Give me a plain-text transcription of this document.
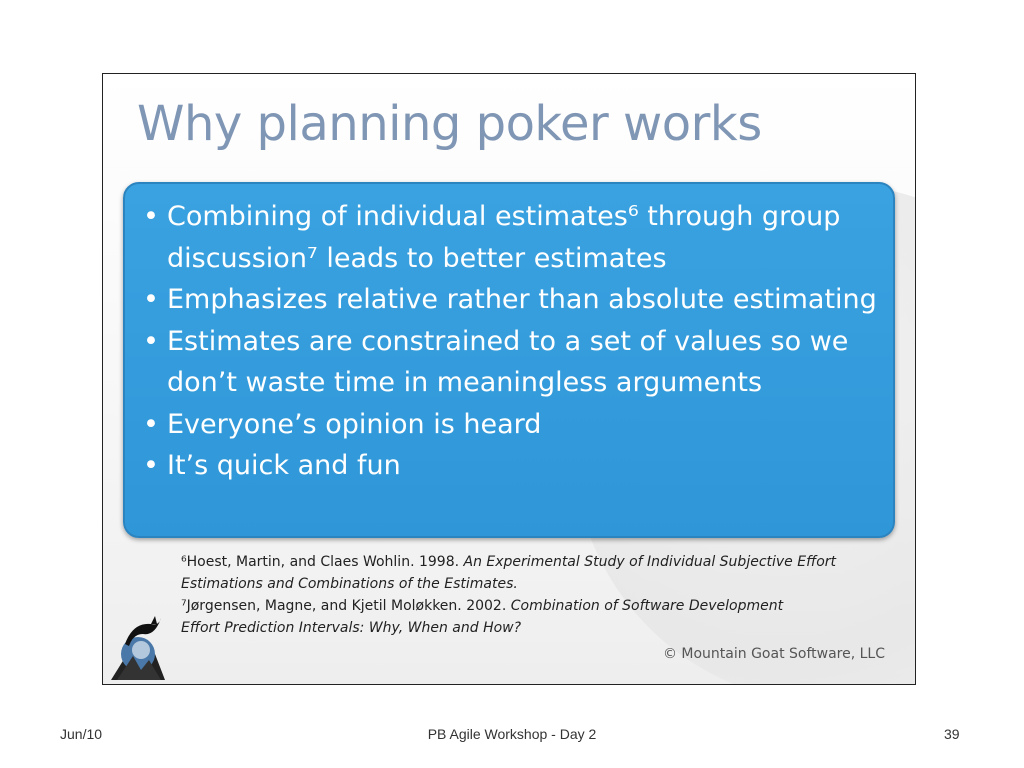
Why planning poker works
• Combining of individual estimates⁶ through group discussion⁷ leads to better estimates
• Emphasizes relative rather than absolute estimating
• Estimates are constrained to a set of values so we don’t waste time in meaningless arguments
• Everyone’s opinion is heard
• It’s quick and fun
⁶Hoest, Martin, and Claes Wohlin. 1998. An Experimental Study of Individual Subjective Effort
Estimations and Combinations of the Estimates.
⁷Jørgensen, Magne, and Kjetil Moløkken. 2002. Combination of Software Development
Effort Prediction Intervals: Why, When and How?
© Mountain Goat Software, LLC
Jun/10	PB Agile Workshop - Day 2	39
